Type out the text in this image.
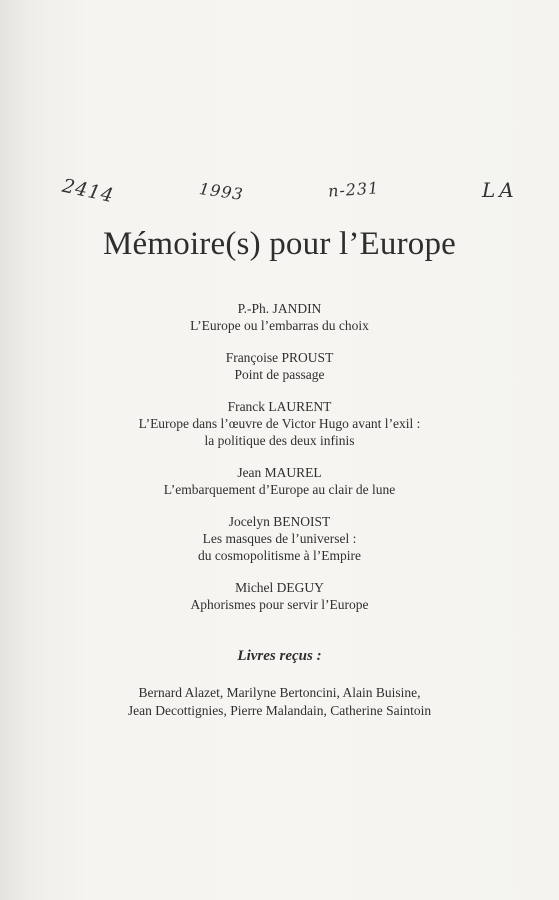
2414	1993	n-231	LA
Mémoire(s) pour l’Europe
P.-Ph. JANDIN
L’Europe ou l’embarras du choix
Françoise PROUST
Point de passage
Franck LAURENT
L’Europe dans l’œuvre de Victor Hugo avant l’exil :
la politique des deux infinis
Jean MAUREL
L’embarquement d’Europe au clair de lune
Jocelyn BENOIST
Les masques de l’universel :
du cosmopolitisme à l’Empire
Michel DEGUY
Aphorismes pour servir l’Europe
Livres reçus :
Bernard Alazet, Marilyne Bertoncini, Alain Buisine,
Jean Decottignies, Pierre Malandain, Catherine Saintoin
